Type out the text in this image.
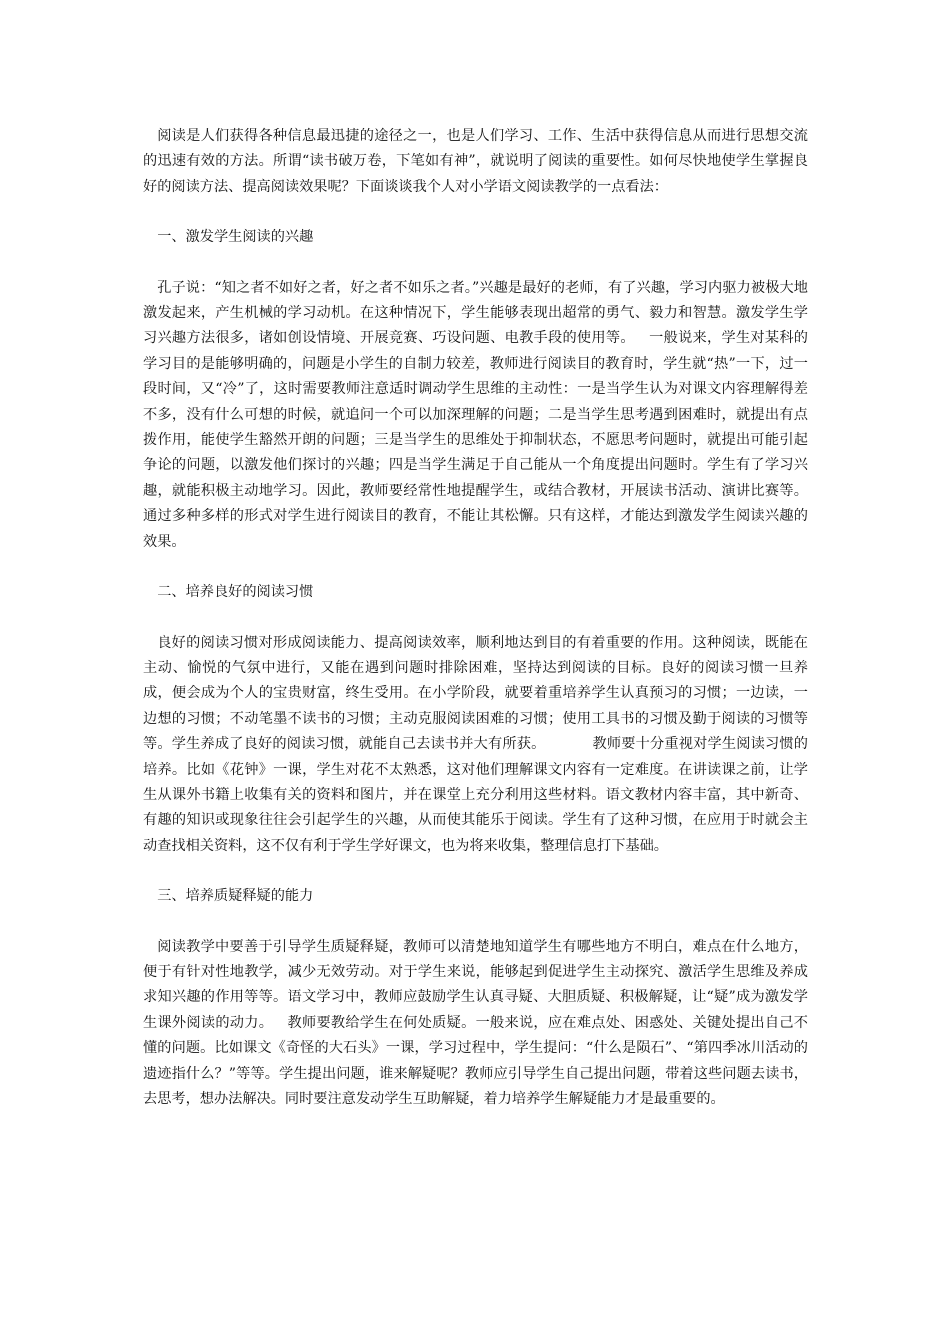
阅读是人们获得各种信息最迅捷的途径之一，也是人们学习、工作、生活中获得信息从而进行思想交流的迅速有效的方法。所谓“读书破万卷，下笔如有神”，就说明了阅读的重要性。如何尽快地使学生掌握良好的阅读方法、提高阅读效果呢？下面谈谈我个人对小学语文阅读教学的一点看法：

一、激发学生阅读的兴趣

孔子说：“知之者不如好之者，好之者不如乐之者。”兴趣是最好的老师，有了兴趣，学习内驱力被极大地激发起来，产生机械的学习动机。在这种情况下，学生能够表现出超常的勇气、毅力和智慧。激发学生学习兴趣方法很多，诸如创设情境、开展竞赛、巧设问题、电教手段的使用等。   一般说来，学生对某科的学习目的是能够明确的，问题是小学生的自制力较差，教师进行阅读目的教育时，学生就“热”一下，过一段时间，又“冷”了，这时需要教师注意适时调动学生思维的主动性：一是当学生认为对课文内容理解得差不多，没有什么可想的时候，就追问一个可以加深理解的问题；二是当学生思考遇到困难时，就提出有点拨作用，能使学生豁然开朗的问题；三是当学生的思维处于抑制状态，不愿思考问题时，就提出可能引起争论的问题，以激发他们探讨的兴趣；四是当学生满足于自己能从一个角度提出问题时。学生有了学习兴趣，就能积极主动地学习。因此，教师要经常性地提醒学生，或结合教材，开展读书活动、演讲比赛等。通过多种多样的形式对学生进行阅读目的教育，不能让其松懈。只有这样，才能达到激发学生阅读兴趣的效果。

二、培养良好的阅读习惯

良好的阅读习惯对形成阅读能力、提高阅读效率，顺利地达到目的有着重要的作用。这种阅读，既能在主动、愉悦的气氛中进行，又能在遇到问题时排除困难，坚持达到阅读的目标。良好的阅读习惯一旦养成，便会成为个人的宝贵财富，终生受用。在小学阶段，就要着重培养学生认真预习的习惯；一边读，一边想的习惯；不动笔墨不读书的习惯；主动克服阅读困难的习惯；使用工具书的习惯及勤于阅读的习惯等等。学生养成了良好的阅读习惯，就能自己去读书并大有所获。          教师要十分重视对学生阅读习惯的培养。比如《花钟》一课，学生对花不太熟悉，这对他们理解课文内容有一定难度。在讲读课之前，让学生从课外书籍上收集有关的资料和图片，并在课堂上充分利用这些材料。语文教材内容丰富，其中新奇、有趣的知识或现象往往会引起学生的兴趣，从而使其能乐于阅读。学生有了这种习惯，在应用于时就会主动查找相关资料，这不仅有利于学生学好课文，也为将来收集，整理信息打下基础。

三、培养质疑释疑的能力

阅读教学中要善于引导学生质疑释疑，教师可以清楚地知道学生有哪些地方不明白，难点在什么地方，便于有针对性地教学，减少无效劳动。对于学生来说，能够起到促进学生主动探究、激活学生思维及养成求知兴趣的作用等等。语文学习中，教师应鼓励学生认真寻疑、大胆质疑、积极解疑，让“疑”成为激发学生课外阅读的动力。   教师要教给学生在何处质疑。一般来说，应在难点处、困惑处、关键处提出自己不懂的问题。比如课文《奇怪的大石头》一课，学习过程中，学生提问：“什么是陨石”、“第四季冰川活动的遗迹指什么？”等等。学生提出问题，谁来解疑呢？教师应引导学生自己提出问题，带着这些问题去读书，去思考，想办法解决。同时要注意发动学生互助解疑，着力培养学生解疑能力才是最重要的。
